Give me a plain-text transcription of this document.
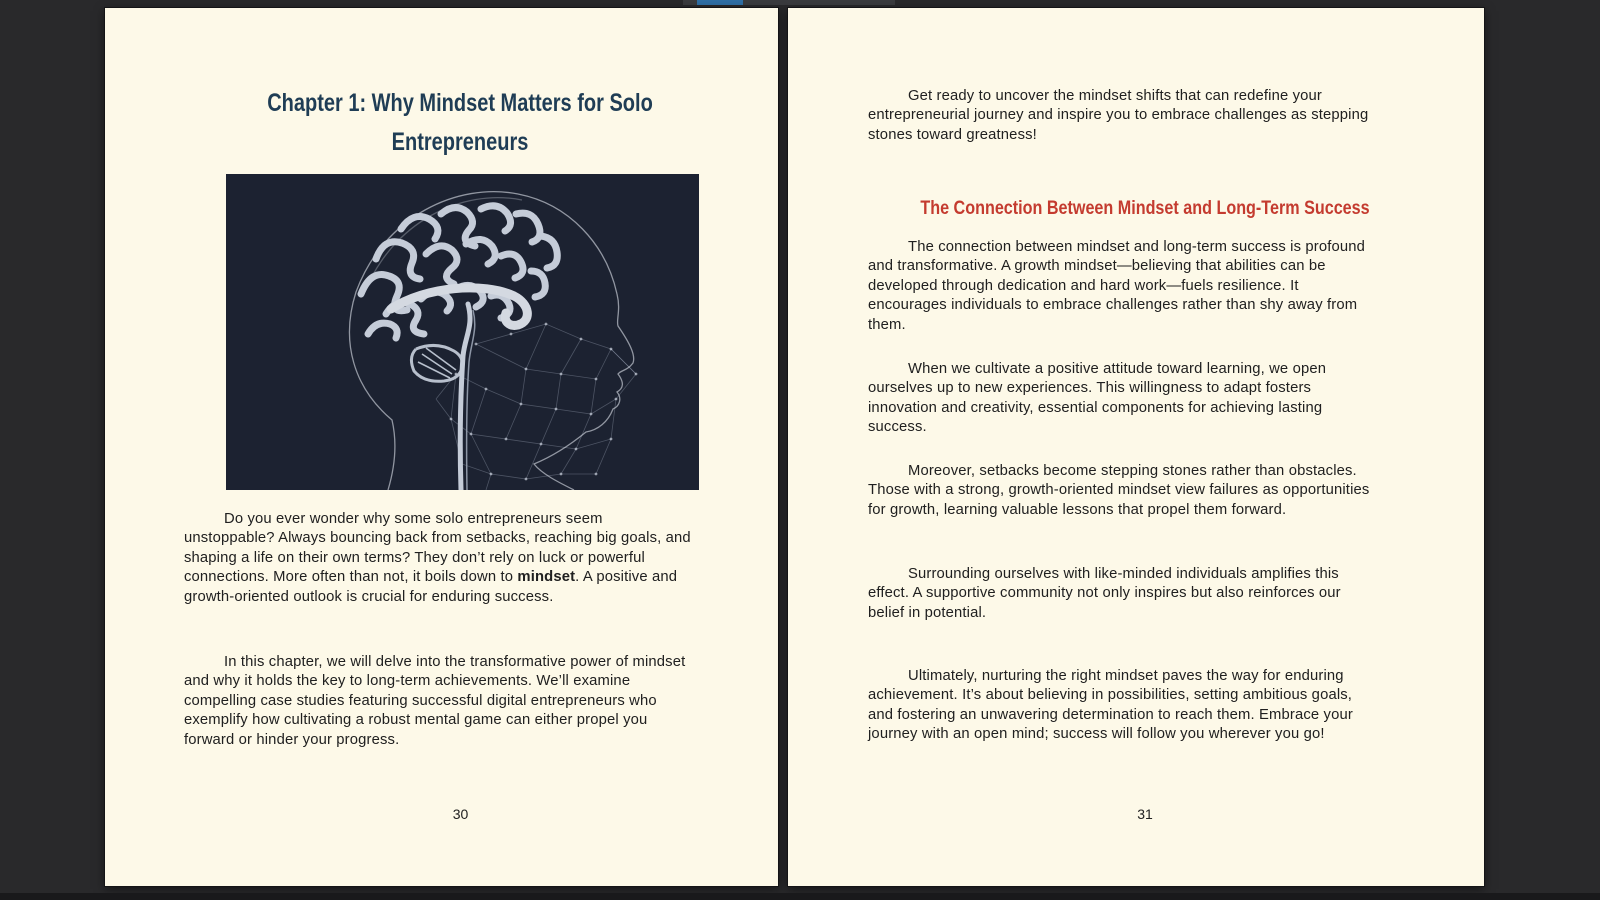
Chapter 1: Why Mindset Matters for Solo Entrepreneurs

Do you ever wonder why some solo entrepreneurs seem unstoppable? Always bouncing back from setbacks, reaching big goals, and shaping a life on their own terms? They don’t rely on luck or powerful connections. More often than not, it boils down to mindset. A positive and growth-oriented outlook is crucial for enduring success.

In this chapter, we will delve into the transformative power of mindset and why it holds the key to long-term achievements. We’ll examine compelling case studies featuring successful digital entrepreneurs who exemplify how cultivating a robust mental game can either propel you forward or hinder your progress.

30

Get ready to uncover the mindset shifts that can redefine your entrepreneurial journey and inspire you to embrace challenges as stepping stones toward greatness!

The Connection Between Mindset and Long-Term Success

The connection between mindset and long-term success is profound and transformative. A growth mindset—believing that abilities can be developed through dedication and hard work—fuels resilience. It encourages individuals to embrace challenges rather than shy away from them.

When we cultivate a positive attitude toward learning, we open ourselves up to new experiences. This willingness to adapt fosters innovation and creativity, essential components for achieving lasting success.

Moreover, setbacks become stepping stones rather than obstacles. Those with a strong, growth-oriented mindset view failures as opportunities for growth, learning valuable lessons that propel them forward.

Surrounding ourselves with like-minded individuals amplifies this effect. A supportive community not only inspires but also reinforces our belief in potential.

Ultimately, nurturing the right mindset paves the way for enduring achievement. It’s about believing in possibilities, setting ambitious goals, and fostering an unwavering determination to reach them. Embrace your journey with an open mind; success will follow you wherever you go!

31
